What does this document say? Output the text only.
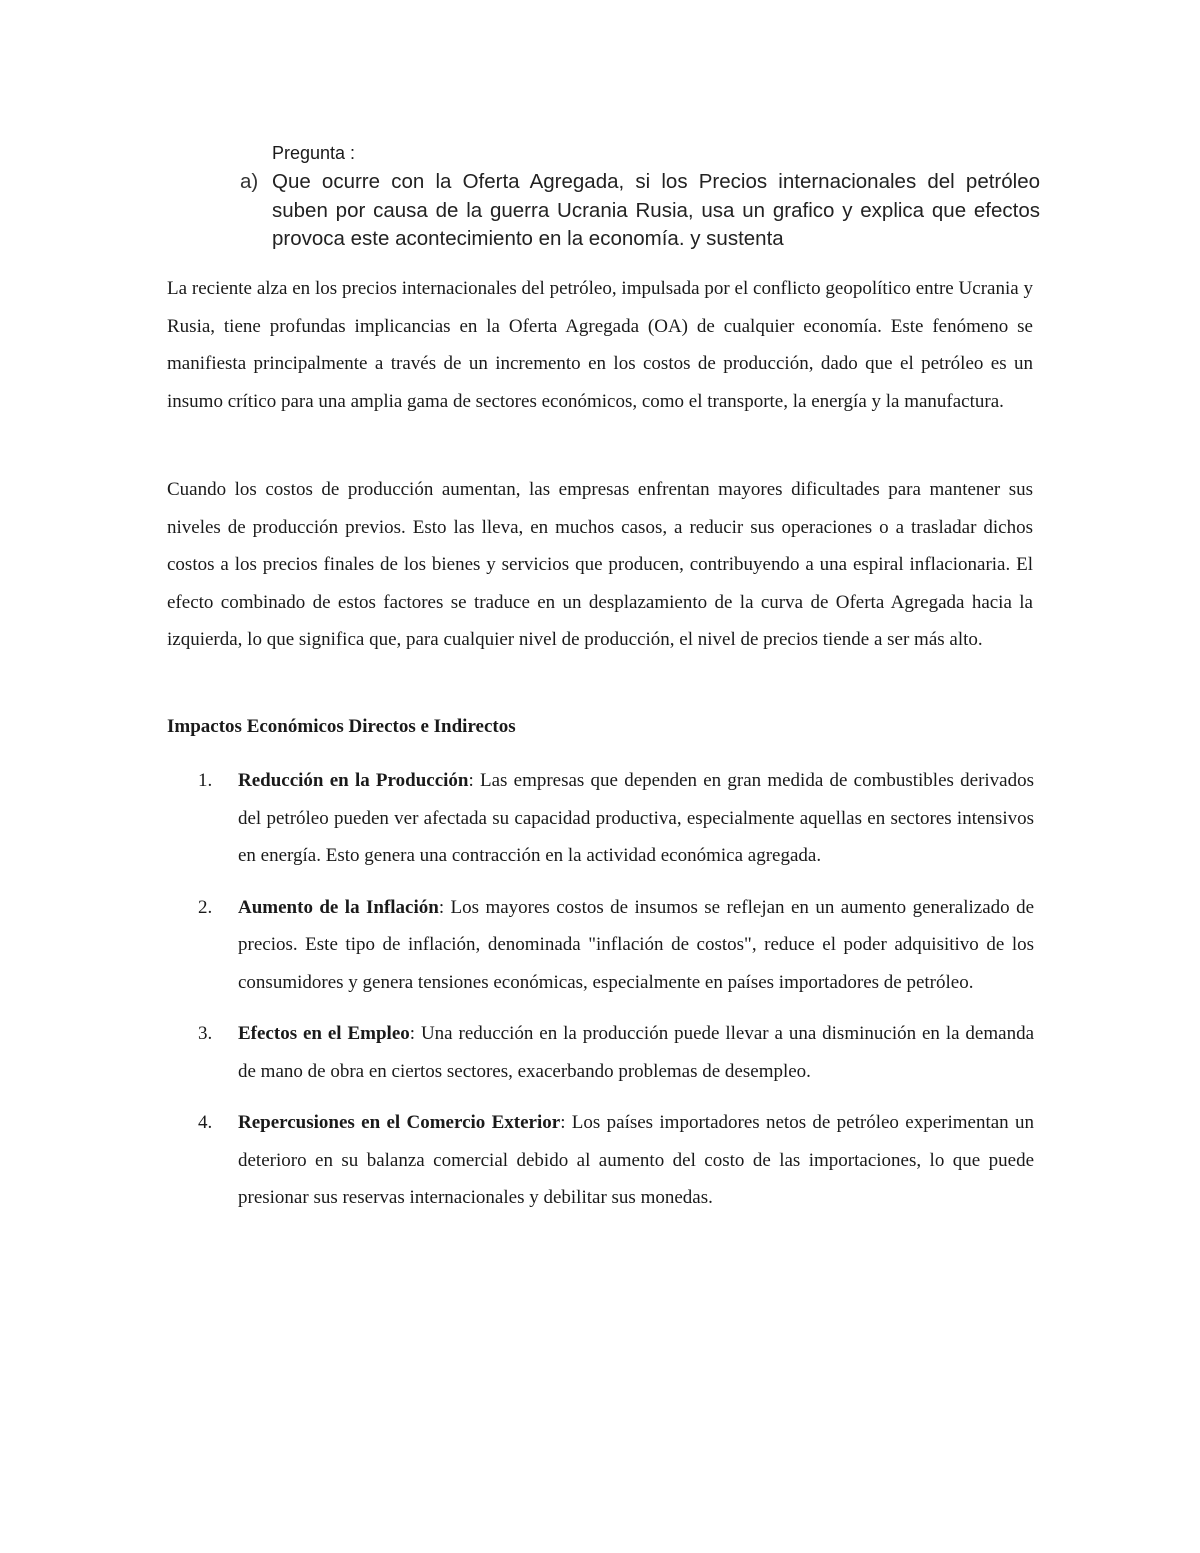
Pregunta :
a) Que ocurre con la Oferta Agregada, si los Precios internacionales del petróleo suben por causa de la guerra Ucrania Rusia, usa un grafico y explica que efectos provoca este acontecimiento en la economía. y sustenta

La reciente alza en los precios internacionales del petróleo, impulsada por el conflicto geopolítico entre Ucrania y Rusia, tiene profundas implicancias en la Oferta Agregada (OA) de cualquier economía. Este fenómeno se manifiesta principalmente a través de un incremento en los costos de producción, dado que el petróleo es un insumo crítico para una amplia gama de sectores económicos, como el transporte, la energía y la manufactura.

Cuando los costos de producción aumentan, las empresas enfrentan mayores dificultades para mantener sus niveles de producción previos. Esto las lleva, en muchos casos, a reducir sus operaciones o a trasladar dichos costos a los precios finales de los bienes y servicios que producen, contribuyendo a una espiral inflacionaria. El efecto combinado de estos factores se traduce en un desplazamiento de la curva de Oferta Agregada hacia la izquierda, lo que significa que, para cualquier nivel de producción, el nivel de precios tiende a ser más alto.

Impactos Económicos Directos e Indirectos
1.	Reducción en la Producción: Las empresas que dependen en gran medida de combustibles derivados del petróleo pueden ver afectada su capacidad productiva, especialmente aquellas en sectores intensivos en energía. Esto genera una contracción en la actividad económica agregada.
2.	Aumento de la Inflación: Los mayores costos de insumos se reflejan en un aumento generalizado de precios. Este tipo de inflación, denominada "inflación de costos", reduce el poder adquisitivo de los consumidores y genera tensiones económicas, especialmente en países importadores de petróleo.
3.	Efectos en el Empleo: Una reducción en la producción puede llevar a una disminución en la demanda de mano de obra en ciertos sectores, exacerbando problemas de desempleo.
4.	Repercusiones en el Comercio Exterior: Los países importadores netos de petróleo experimentan un deterioro en su balanza comercial debido al aumento del costo de las importaciones, lo que puede presionar sus reservas internacionales y debilitar sus monedas.
